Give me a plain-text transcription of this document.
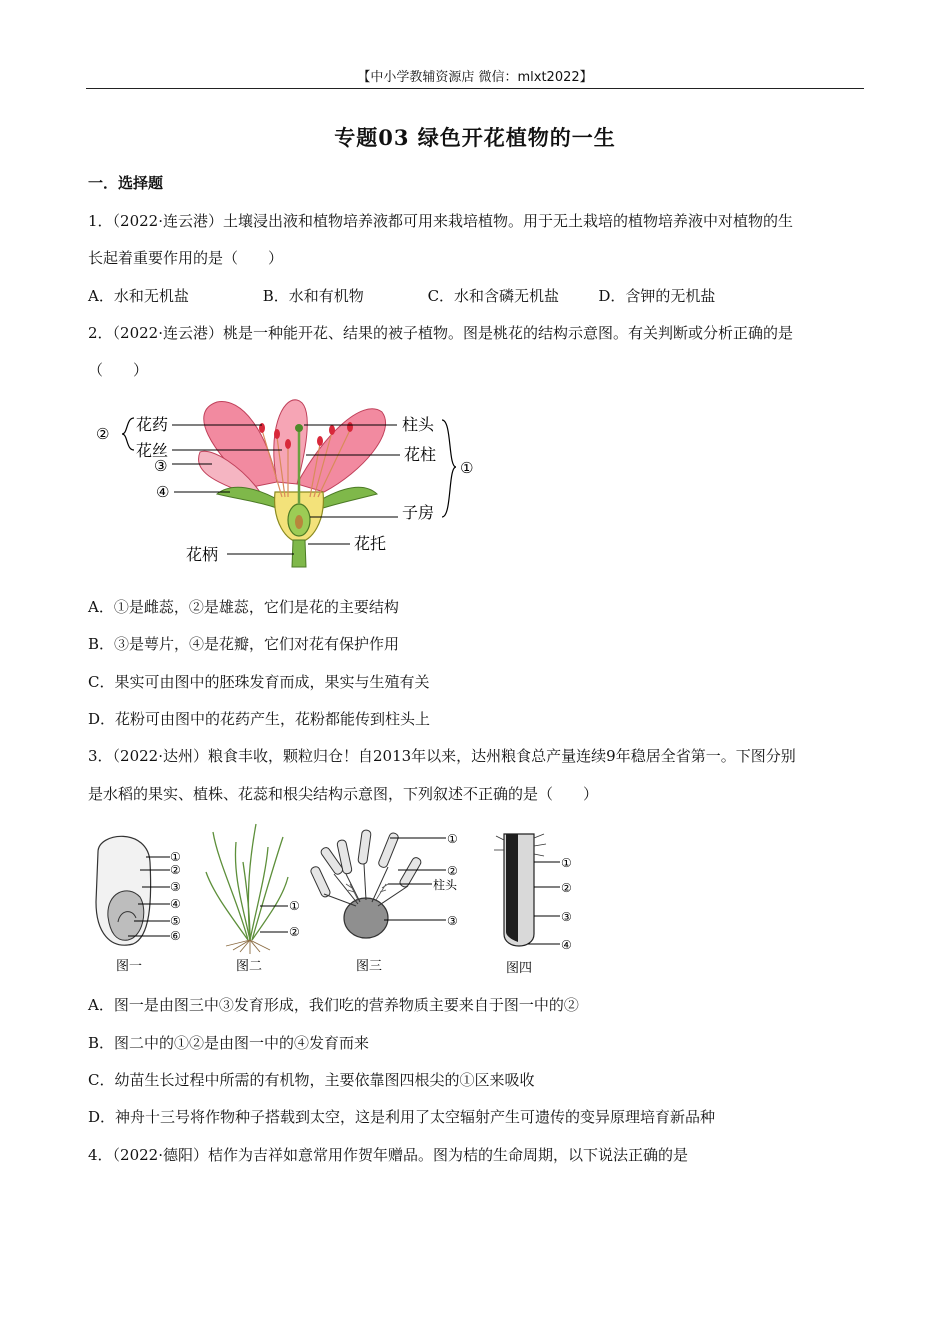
【中小学教辅资源店 微信：mlxt2022】
专题03 绿色开花植物的一生
一．选择题
1．（2022·连云港）土壤浸出液和植物培养液都可用来栽培植物。用于无土栽培的植物培养液中对植物的生
长起着重要作用的是（　　）
A．水和无机盐	B．水和有机物	C．水和含磷无机盐	D．含钾的无机盐
2．（2022·连云港）桃是一种能开花、结果的被子植物。图是桃花的结构示意图。有关判断或分析正确的是
（　　）
花药
花丝
②
③
④
柱头
花柱
①
子房
花托
花柄
A．①是雌蕊，②是雄蕊，它们是花的主要结构
B．③是萼片，④是花瓣，它们对花有保护作用
C．果实可由图中的胚珠发育而成，果实与生殖有关
D．花粉可由图中的花药产生，花粉都能传到柱头上
3．（2022·达州）粮食丰收，颗粒归仓！自2013年以来，达州粮食总产量连续9年稳居全省第一。下图分别
是水稻的果实、植株、花蕊和根尖结构示意图，下列叙述不正确的是（　　）
①
②
③
④
⑤
⑥
图一
①
②
图二
①
②
柱头
③
图三
①
②
③
④
图四
A．图一是由图三中③发育形成，我们吃的营养物质主要来自于图一中的②
B．图二中的①②是由图一中的④发育而来
C．幼苗生长过程中所需的有机物，主要依靠图四根尖的①区来吸收
D．神舟十三号将作物种子搭载到太空，这是利用了太空辐射产生可遗传的变异原理培育新品种
4．（2022·德阳）桔作为吉祥如意常用作贺年赠品。图为桔的生命周期，以下说法正确的是
